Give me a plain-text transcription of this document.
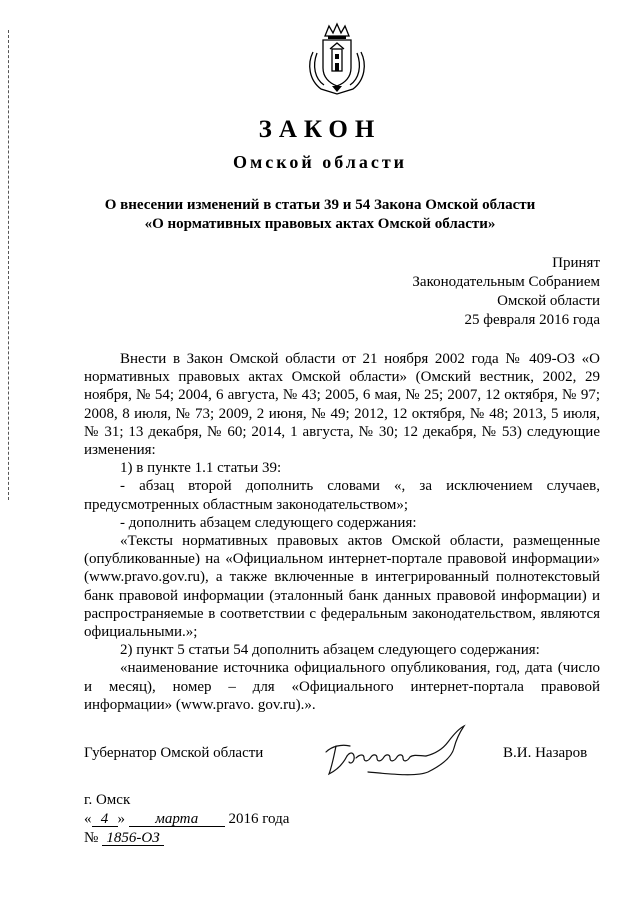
ЗАКОН
Омской области
О внесении изменений в статьи 39 и 54 Закона Омской области
«О нормативных правовых актах Омской области»
Принят
Законодательным Собранием
Омской области
25 февраля 2016 года

Внести в Закон Омской области от 21 ноября 2002 года № 409-ОЗ «О нормативных правовых актах Омской области» (Омский вестник, 2002, 29 ноября, № 54; 2004, 6 августа, № 43; 2005, 6 мая, № 25; 2007, 12 октября, № 97; 2008, 8 июля, № 73; 2009, 2 июня, № 49; 2012, 12 октября, № 48; 2013, 5 июля, № 31; 13 декабря, № 60; 2014, 1 августа, № 30; 12 декабря, № 53) следующие изменения:

1) в пункте 1.1 статьи 39:

- абзац второй дополнить словами «, за исключением случаев, предусмотренных областным законодательством»;

- дополнить абзацем следующего содержания:

«Тексты нормативных правовых актов Омской области, размещенные (опубликованные) на «Официальном интернет-портале правовой информации» (www.pravo.gov.ru), а также включенные в интегрированный полнотекстовый банк правовой информации (эталонный банк данных правовой информации) и распространяемые в соответствии с федеральным законодательством, являются официальными.»;

2) пункт 5 статьи 54 дополнить абзацем следующего содержания:

«наименование источника официального опубликования, год, дата (число и месяц), номер – для «Официального интернет-портала правовой информации» (www.pravo. gov.ru).».

Губернатор Омской области	В.И. Назаров
г. Омск
« 4 » марта 2016 года
№ 1856-ОЗ
